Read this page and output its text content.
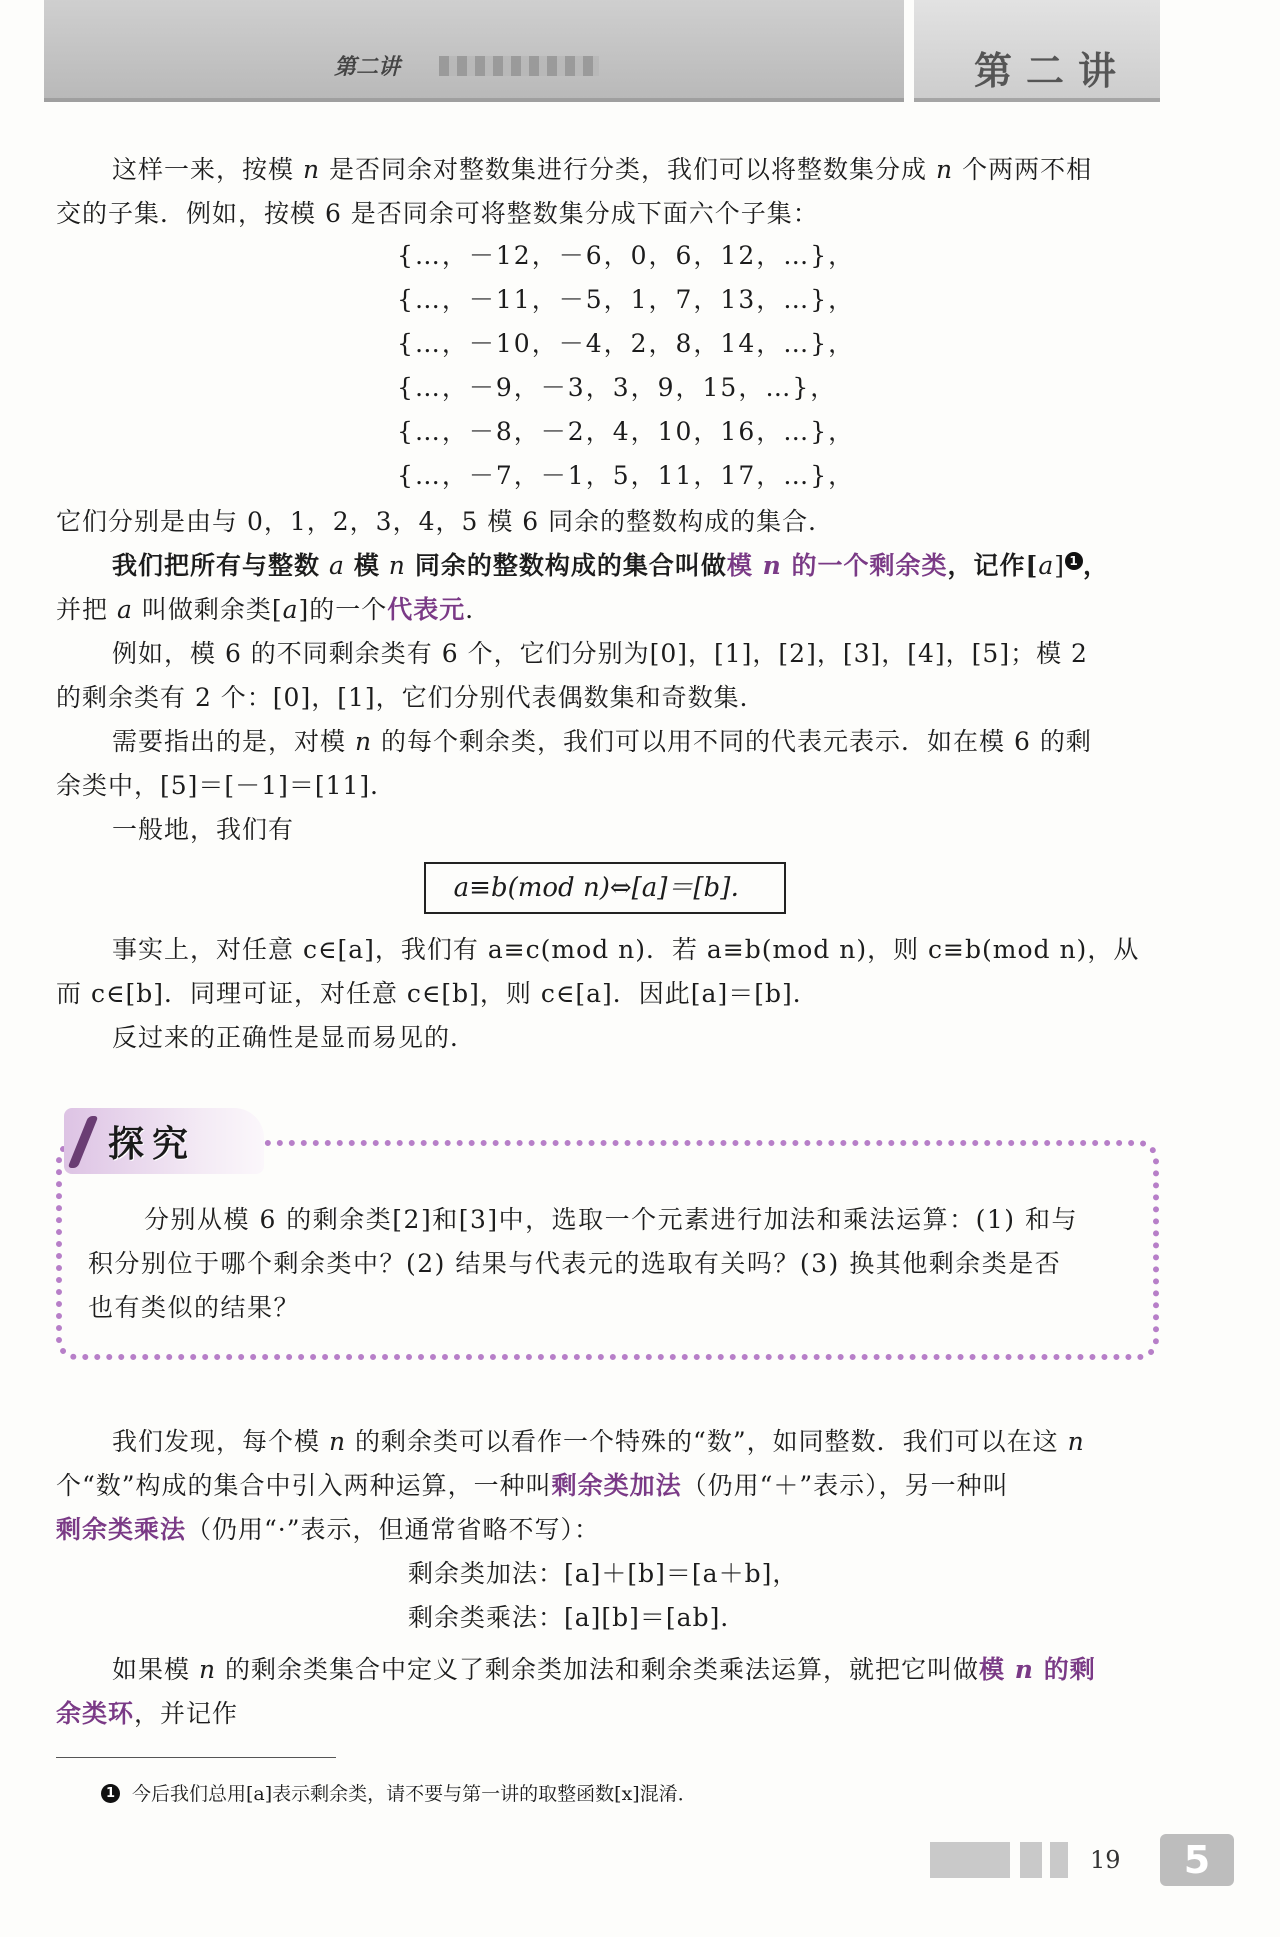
第二讲	第二讲
这样一来，按模 n 是否同余对整数集进行分类，我们可以将整数集分成 n 个两两不相
交的子集．例如，按模 6 是否同余可将整数集分成下面六个子集：
{…，－12，－6，0，6，12，…}，
{…，－11，－5，1，7，13，…}，
{…，－10，－4，2，8，14，…}，
{…，－9，－3，3，9，15，…}，
{…，－8，－2，4，10，16，…}，
{…，－7，－1，5，11，17，…}，
它们分别是由与 0，1，2，3，4，5 模 6 同余的整数构成的集合．
我们把所有与整数 a 模 n 同余的整数构成的集合叫做模 n 的一个剩余类，记作[a] 1 ，
并把 a 叫做剩余类[a]的一个代表元．
例如，模 6 的不同剩余类有 6 个，它们分别为[0]，[1]，[2]，[3]，[4]，[5]；模 2
的剩余类有 2 个：[0]，[1]，它们分别代表偶数集和奇数集．
需要指出的是，对模 n 的每个剩余类，我们可以用不同的代表元表示．如在模 6 的剩
余类中，[5]＝[－1]＝[11]．
一般地，我们有
a≡b(mod n)⇔[a]＝[b]．
事实上，对任意 c∈[a]，我们有 a≡c(mod n)．若 a≡b(mod n)，则 c≡b(mod n)，从
而 c∈[b]．同理可证，对任意 c∈[b]，则 c∈[a]．因此[a]＝[b]．
反过来的正确性是显而易见的．
探究
分别从模 6 的剩余类[2]和[3]中，选取一个元素进行加法和乘法运算：(1) 和与
积分别位于哪个剩余类中？(2) 结果与代表元的选取有关吗？(3) 换其他剩余类是否
也有类似的结果？
我们发现，每个模 n 的剩余类可以看作一个特殊的“数”，如同整数．我们可以在这 n
个“数”构成的集合中引入两种运算，一种叫剩余类加法（仍用“＋”表示），另一种叫
剩余类乘法（仍用“·”表示，但通常省略不写）：
剩余类加法：[a]＋[b]＝[a＋b]，
剩余类乘法：[a][b]＝[ab]．
如果模 n 的剩余类集合中定义了剩余类加法和剩余类乘法运算，就把它叫做模 n 的剩
余类环，并记作
1 今后我们总用[a]表示剩余类，请不要与第一讲的取整函数[x]混淆．
19	5
